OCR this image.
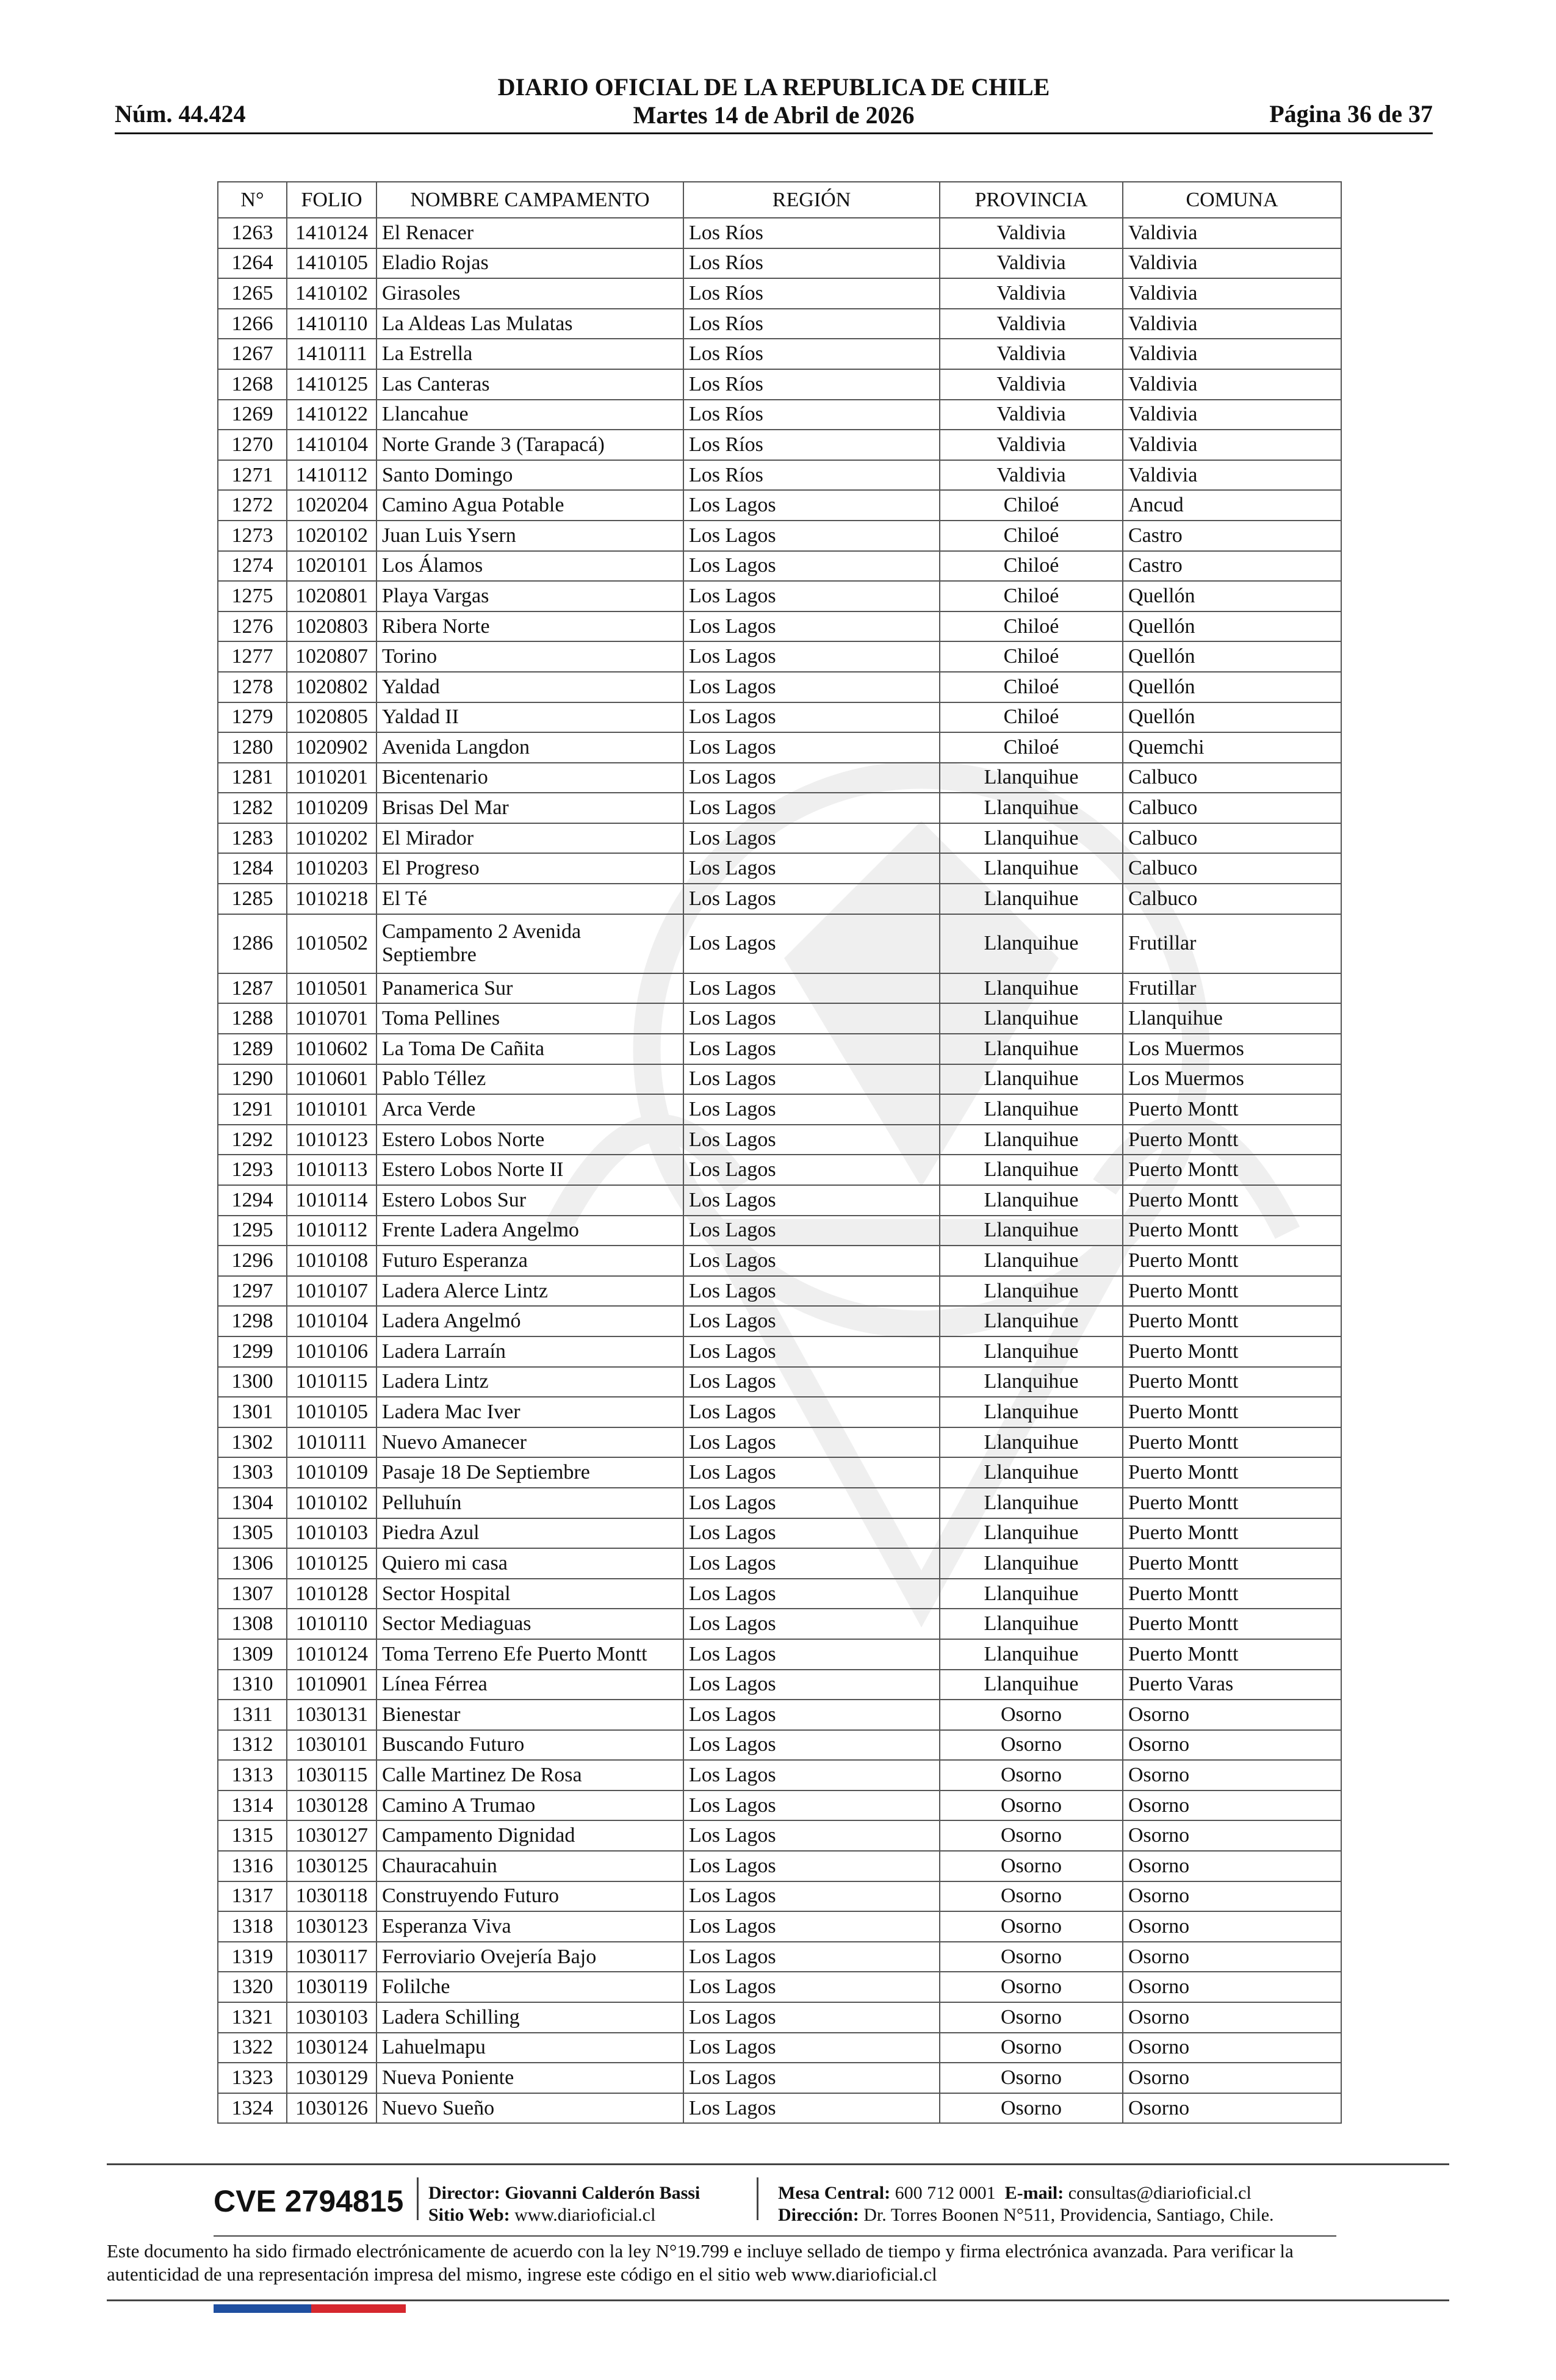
Núm. 44.424
DIARIO OFICIAL DE LA REPUBLICA DE CHILE
Martes 14 de Abril de 2026	Página 36 de 37
N°	FOLIO	NOMBRE CAMPAMENTO	REGIÓN	PROVINCIA	COMUNA
1263	1410124	El Renacer	Los Ríos	Valdivia	Valdivia
1264	1410105	Eladio Rojas	Los Ríos	Valdivia	Valdivia
1265	1410102	Girasoles	Los Ríos	Valdivia	Valdivia
1266	1410110	La Aldeas Las Mulatas	Los Ríos	Valdivia	Valdivia
1267	1410111	La Estrella	Los Ríos	Valdivia	Valdivia
1268	1410125	Las Canteras	Los Ríos	Valdivia	Valdivia
1269	1410122	Llancahue	Los Ríos	Valdivia	Valdivia
1270	1410104	Norte Grande 3 (Tarapacá)	Los Ríos	Valdivia	Valdivia
1271	1410112	Santo Domingo	Los Ríos	Valdivia	Valdivia
1272	1020204	Camino Agua Potable	Los Lagos	Chiloé	Ancud
1273	1020102	Juan Luis Ysern	Los Lagos	Chiloé	Castro
1274	1020101	Los Álamos	Los Lagos	Chiloé	Castro
1275	1020801	Playa Vargas	Los Lagos	Chiloé	Quellón
1276	1020803	Ribera Norte	Los Lagos	Chiloé	Quellón
1277	1020807	Torino	Los Lagos	Chiloé	Quellón
1278	1020802	Yaldad	Los Lagos	Chiloé	Quellón
1279	1020805	Yaldad II	Los Lagos	Chiloé	Quellón
1280	1020902	Avenida Langdon	Los Lagos	Chiloé	Quemchi
1281	1010201	Bicentenario	Los Lagos	Llanquihue	Calbuco
1282	1010209	Brisas Del Mar	Los Lagos	Llanquihue	Calbuco
1283	1010202	El Mirador	Los Lagos	Llanquihue	Calbuco
1284	1010203	El Progreso	Los Lagos	Llanquihue	Calbuco
1285	1010218	El Té	Los Lagos	Llanquihue	Calbuco
1286	1010502	Campamento 2 Avenida Septiembre	Los Lagos	Llanquihue	Frutillar
1287	1010501	Panamerica Sur	Los Lagos	Llanquihue	Frutillar
1288	1010701	Toma Pellines	Los Lagos	Llanquihue	Llanquihue
1289	1010602	La Toma De Cañita	Los Lagos	Llanquihue	Los Muermos
1290	1010601	Pablo Téllez	Los Lagos	Llanquihue	Los Muermos
1291	1010101	Arca Verde	Los Lagos	Llanquihue	Puerto Montt
1292	1010123	Estero Lobos Norte	Los Lagos	Llanquihue	Puerto Montt
1293	1010113	Estero Lobos Norte II	Los Lagos	Llanquihue	Puerto Montt
1294	1010114	Estero Lobos Sur	Los Lagos	Llanquihue	Puerto Montt
1295	1010112	Frente Ladera Angelmo	Los Lagos	Llanquihue	Puerto Montt
1296	1010108	Futuro Esperanza	Los Lagos	Llanquihue	Puerto Montt
1297	1010107	Ladera Alerce Lintz	Los Lagos	Llanquihue	Puerto Montt
1298	1010104	Ladera Angelmó	Los Lagos	Llanquihue	Puerto Montt
1299	1010106	Ladera Larraín	Los Lagos	Llanquihue	Puerto Montt
1300	1010115	Ladera Lintz	Los Lagos	Llanquihue	Puerto Montt
1301	1010105	Ladera Mac Iver	Los Lagos	Llanquihue	Puerto Montt
1302	1010111	Nuevo Amanecer	Los Lagos	Llanquihue	Puerto Montt
1303	1010109	Pasaje 18 De Septiembre	Los Lagos	Llanquihue	Puerto Montt
1304	1010102	Pelluhuín	Los Lagos	Llanquihue	Puerto Montt
1305	1010103	Piedra Azul	Los Lagos	Llanquihue	Puerto Montt
1306	1010125	Quiero mi casa	Los Lagos	Llanquihue	Puerto Montt
1307	1010128	Sector Hospital	Los Lagos	Llanquihue	Puerto Montt
1308	1010110	Sector Mediaguas	Los Lagos	Llanquihue	Puerto Montt
1309	1010124	Toma Terreno Efe Puerto Montt	Los Lagos	Llanquihue	Puerto Montt
1310	1010901	Línea Férrea	Los Lagos	Llanquihue	Puerto Varas
1311	1030131	Bienestar	Los Lagos	Osorno	Osorno
1312	1030101	Buscando Futuro	Los Lagos	Osorno	Osorno
1313	1030115	Calle Martinez De Rosa	Los Lagos	Osorno	Osorno
1314	1030128	Camino A Trumao	Los Lagos	Osorno	Osorno
1315	1030127	Campamento Dignidad	Los Lagos	Osorno	Osorno
1316	1030125	Chauracahuin	Los Lagos	Osorno	Osorno
1317	1030118	Construyendo Futuro	Los Lagos	Osorno	Osorno
1318	1030123	Esperanza Viva	Los Lagos	Osorno	Osorno
1319	1030117	Ferroviario Ovejería Bajo	Los Lagos	Osorno	Osorno
1320	1030119	Folilche	Los Lagos	Osorno	Osorno
1321	1030103	Ladera Schilling	Los Lagos	Osorno	Osorno
1322	1030124	Lahuelmapu	Los Lagos	Osorno	Osorno
1323	1030129	Nueva Poniente	Los Lagos	Osorno	Osorno
1324	1030126	Nuevo Sueño	Los Lagos	Osorno	Osorno
CVE 2794815 Director: Giovanni Calderón Bassi
Sitio Web: www.diarioficial.cl
Mesa Central: 600 712 0001 E-mail: consultas@diarioficial.cl
Dirección: Dr. Torres Boonen N°511, Providencia, Santiago, Chile.
Este documento ha sido firmado electrónicamente de acuerdo con la ley N°19.799 e incluye sellado de tiempo y firma electrónica avanzada. Para verificar la autenticidad de una representación impresa del mismo, ingrese este código en el sitio web www.diarioficial.cl
